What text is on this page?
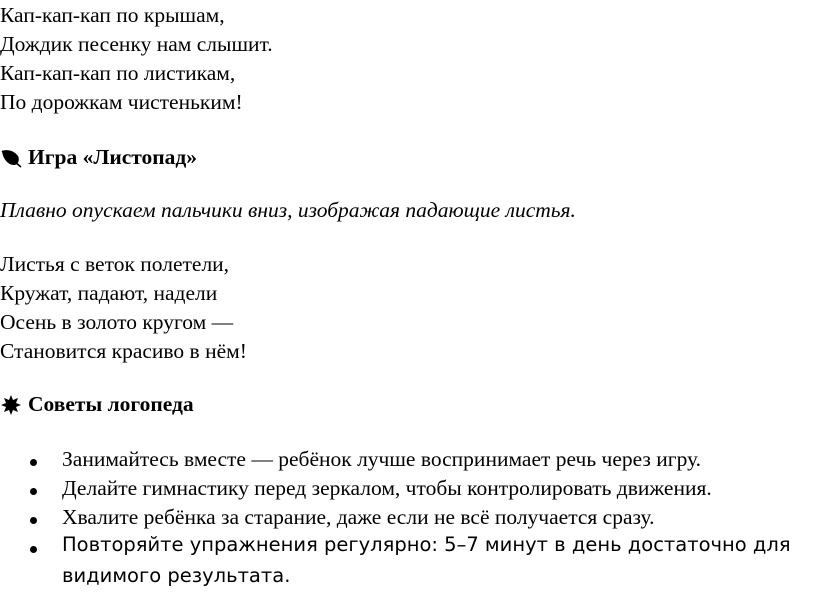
Кап-кап-кап по крышам,
Дождик песенку нам слышит.
Кап-кап-кап по листикам,
По дорожкам чистеньким!
Игра «Листопад»
Плавно опускаем пальчики вниз, изображая падающие листья.
Листья с веток полетели,
Кружат, падают, надели
Осень в золото кругом —
Становится красиво в нём!
Советы логопеда
Занимайтесь вместе — ребёнок лучше воспринимает речь через игру.
Делайте гимнастику перед зеркалом, чтобы контролировать движения.
Хвалите ребёнка за старание, даже если не всё получается сразу.
Повторяйте упражнения регулярно: 5–7 минут в день достаточно для
видимого результата.
